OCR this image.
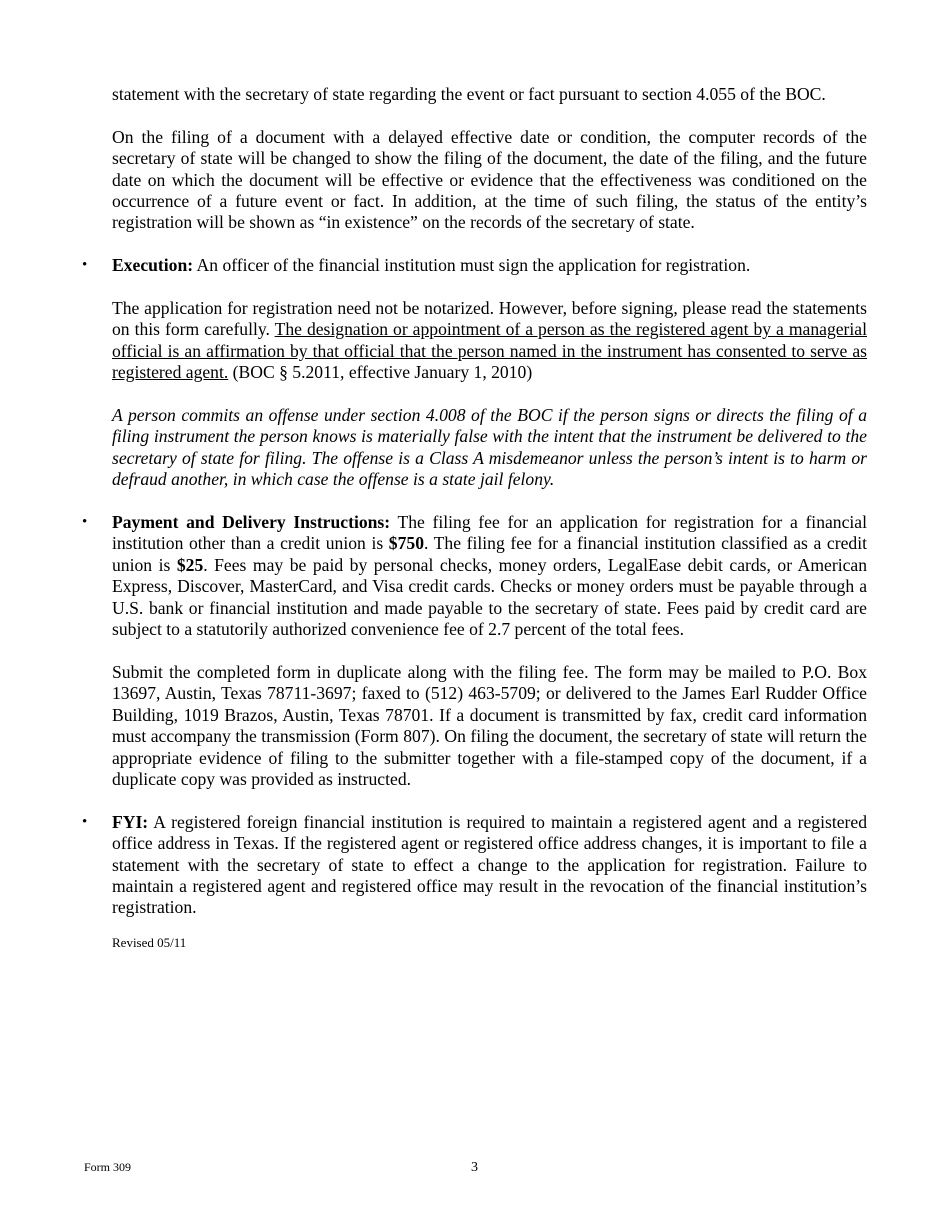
statement with the secretary of state regarding the event or fact pursuant to section 4.055 of the BOC.

On the filing of a document with a delayed effective date or condition, the computer records of the secretary of state will be changed to show the filing of the document, the date of the filing, and the future date on which the document will be effective or evidence that the effectiveness was conditioned on the occurrence of a future event or fact. In addition, at the time of such filing, the status of the entity’s registration will be shown as “in existence” on the records of the secretary of state.

• Execution: An officer of the financial institution must sign the application for registration.

The application for registration need not be notarized. However, before signing, please read the statements on this form carefully. The designation or appointment of a person as the registered agent by a managerial official is an affirmation by that official that the person named in the instrument has consented to serve as registered agent. (BOC § 5.2011, effective January 1, 2010)

A person commits an offense under section 4.008 of the BOC if the person signs or directs the filing of a filing instrument the person knows is materially false with the intent that the instrument be delivered to the secretary of state for filing. The offense is a Class A misdemeanor unless the person’s intent is to harm or defraud another, in which case the offense is a state jail felony.

• Payment and Delivery Instructions: The filing fee for an application for registration for a financial institution other than a credit union is $750. The filing fee for a financial institution classified as a credit union is $25. Fees may be paid by personal checks, money orders, LegalEase debit cards, or American Express, Discover, MasterCard, and Visa credit cards. Checks or money orders must be payable through a U.S. bank or financial institution and made payable to the secretary of state. Fees paid by credit card are subject to a statutorily authorized convenience fee of 2.7 percent of the total fees.

Submit the completed form in duplicate along with the filing fee. The form may be mailed to P.O. Box 13697, Austin, Texas 78711-3697; faxed to (512) 463-5709; or delivered to the James Earl Rudder Office Building, 1019 Brazos, Austin, Texas 78701. If a document is transmitted by fax, credit card information must accompany the transmission (Form 807). On filing the document, the secretary of state will return the appropriate evidence of filing to the submitter together with a file-stamped copy of the document, if a duplicate copy was provided as instructed.

• FYI: A registered foreign financial institution is required to maintain a registered agent and a registered office address in Texas. If the registered agent or registered office address changes, it is important to file a statement with the secretary of state to effect a change to the application for registration. Failure to maintain a registered agent and registered office may result in the revocation of the financial institution’s registration.

Revised 05/11
Form 309	3
